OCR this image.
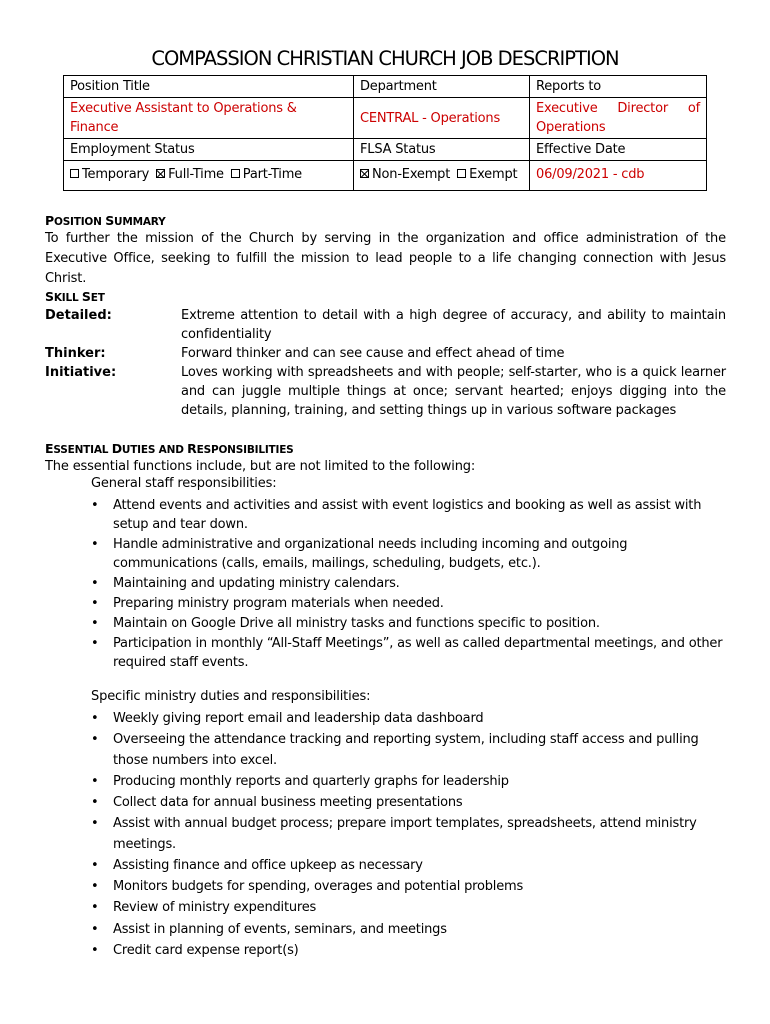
COMPASSION CHRISTIAN CHURCH JOB DESCRIPTION
Position Title	Department	Reports to
Executive Assistant to Operations & Finance	CENTRAL - Operations	Executive Director of
Operations

Employment Status	FLSA Status	Effective Date
Temporary Full-Time Part-Time	Non-Exempt Exempt	06/09/2021 - cdb
POSITION SUMMARY
To further the mission of the Church by serving in the organization and office administration of the Executive Office, seeking to fulfill the mission to lead people to a life changing connection with Jesus Christ.
SKILL SET
Detailed:	Extreme attention to detail with a high degree of accuracy, and ability to maintain confidentiality
Thinker:	Forward thinker and can see cause and effect ahead of time
Initiative:	Loves working with spreadsheets and with people; self-starter, who is a quick learner and can juggle multiple things at once; servant hearted; enjoys digging into the details, planning, training, and setting things up in various software packages
ESSENTIAL DUTIES AND RESPONSIBILITIES
The essential functions include, but are not limited to the following:
General staff responsibilities:
• Attend events and activities and assist with event logistics and booking as well as assist with setup and tear down.
• Handle administrative and organizational needs including incoming and outgoing communications (calls, emails, mailings, scheduling, budgets, etc.).
• Maintaining and updating ministry calendars.
• Preparing ministry program materials when needed.
• Maintain on Google Drive all ministry tasks and functions specific to position.
• Participation in monthly “All-Staff Meetings”, as well as called departmental meetings, and other required staff events.
Specific ministry duties and responsibilities:
• Weekly giving report email and leadership data dashboard
• Overseeing the attendance tracking and reporting system, including staff access and pulling those numbers into excel.
• Producing monthly reports and quarterly graphs for leadership
• Collect data for annual business meeting presentations
• Assist with annual budget process; prepare import templates, spreadsheets, attend ministry meetings.
• Assisting finance and office upkeep as necessary
• Monitors budgets for spending, overages and potential problems
• Review of ministry expenditures
• Assist in planning of events, seminars, and meetings
• Credit card expense report(s)
